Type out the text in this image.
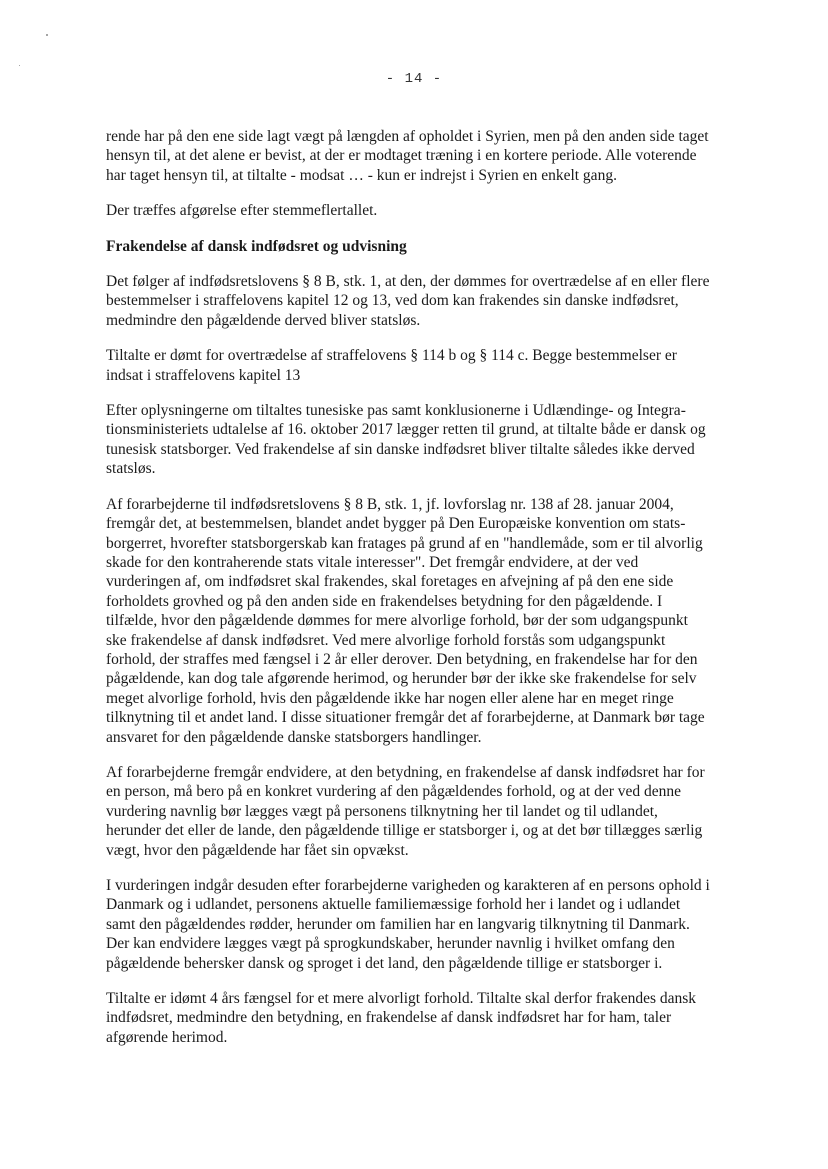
- 14 -

rende har på den ene side lagt vægt på længden af opholdet i Syrien, men på den anden side taget hensyn til, at det alene er bevist, at der er modtaget træning i en kortere periode. Alle voterende har taget hensyn til, at tiltalte - modsat … - kun er indrejst i Syrien en enkelt gang.

Der træffes afgørelse efter stemmeflertallet.

Frakendelse af dansk indfødsret og udvisning

Det følger af indfødsretslovens § 8 B, stk. 1, at den, der dømmes for overtrædelse af en eller flere bestemmelser i straffelovens kapitel 12 og 13, ved dom kan frakendes sin danske indfødsret, medmindre den pågældende derved bliver statsløs.

Tiltalte er dømt for overtrædelse af straffelovens § 114 b og § 114 c. Begge bestemmelser er indsat i straffelovens kapitel 13

Efter oplysningerne om tiltaltes tunesiske pas samt konklusionerne i Udlændinge- og Integrationsministeriets udtalelse af 16. oktober 2017 lægger retten til grund, at tiltalte både er dansk og tunesisk statsborger. Ved frakendelse af sin danske indfødsret bliver tiltalte således ikke derved statsløs.

Af forarbejderne til indfødsretslovens § 8 B, stk. 1, jf. lovforslag nr. 138 af 28. januar 2004, fremgår det, at bestemmelsen, blandet andet bygger på Den Europæiske konvention om statsborgerret, hvorefter statsborgerskab kan fratages på grund af en "handlemåde, som er til alvorlig skade for den kontraherende stats vitale interesser". Det fremgår endvidere, at der ved vurderingen af, om indfødsret skal frakendes, skal foretages en afvejning af på den ene side forholdets grovhed og på den anden side en frakendelses betydning for den pågældende. I tilfælde, hvor den pågældende dømmes for mere alvorlige forhold, bør der som udgangspunkt ske frakendelse af dansk indfødsret. Ved mere alvorlige forhold forstås som udgangspunkt forhold, der straffes med fængsel i 2 år eller derover. Den betydning, en frakendelse har for den pågældende, kan dog tale afgørende herimod, og herunder bør der ikke ske frakendelse for selv meget alvorlige forhold, hvis den pågældende ikke har nogen eller alene har en meget ringe tilknytning til et andet land. I disse situationer fremgår det af forarbejderne, at Danmark bør tage ansvaret for den pågældende danske statsborgers handlinger.

Af forarbejderne fremgår endvidere, at den betydning, en frakendelse af dansk indfødsret har for en person, må bero på en konkret vurdering af den pågældendes forhold, og at der ved denne vurdering navnlig bør lægges vægt på personens tilknytning her til landet og til udlandet, herunder det eller de lande, den pågældende tillige er statsborger i, og at det bør tillægges særlig vægt, hvor den pågældende har fået sin opvækst.

I vurderingen indgår desuden efter forarbejderne varigheden og karakteren af en persons ophold i Danmark og i udlandet, personens aktuelle familiemæssige forhold her i landet og i udlandet samt den pågældendes rødder, herunder om familien har en langvarig tilknytning til Danmark. Der kan endvidere lægges vægt på sprogkundskaber, herunder navnlig i hvilket omfang den pågældende behersker dansk og sproget i det land, den pågældende tillige er statsborger i.

Tiltalte er idømt 4 års fængsel for et mere alvorligt forhold. Tiltalte skal derfor frakendes dansk indfødsret, medmindre den betydning, en frakendelse af dansk indfødsret har for ham, taler afgørende herimod.
